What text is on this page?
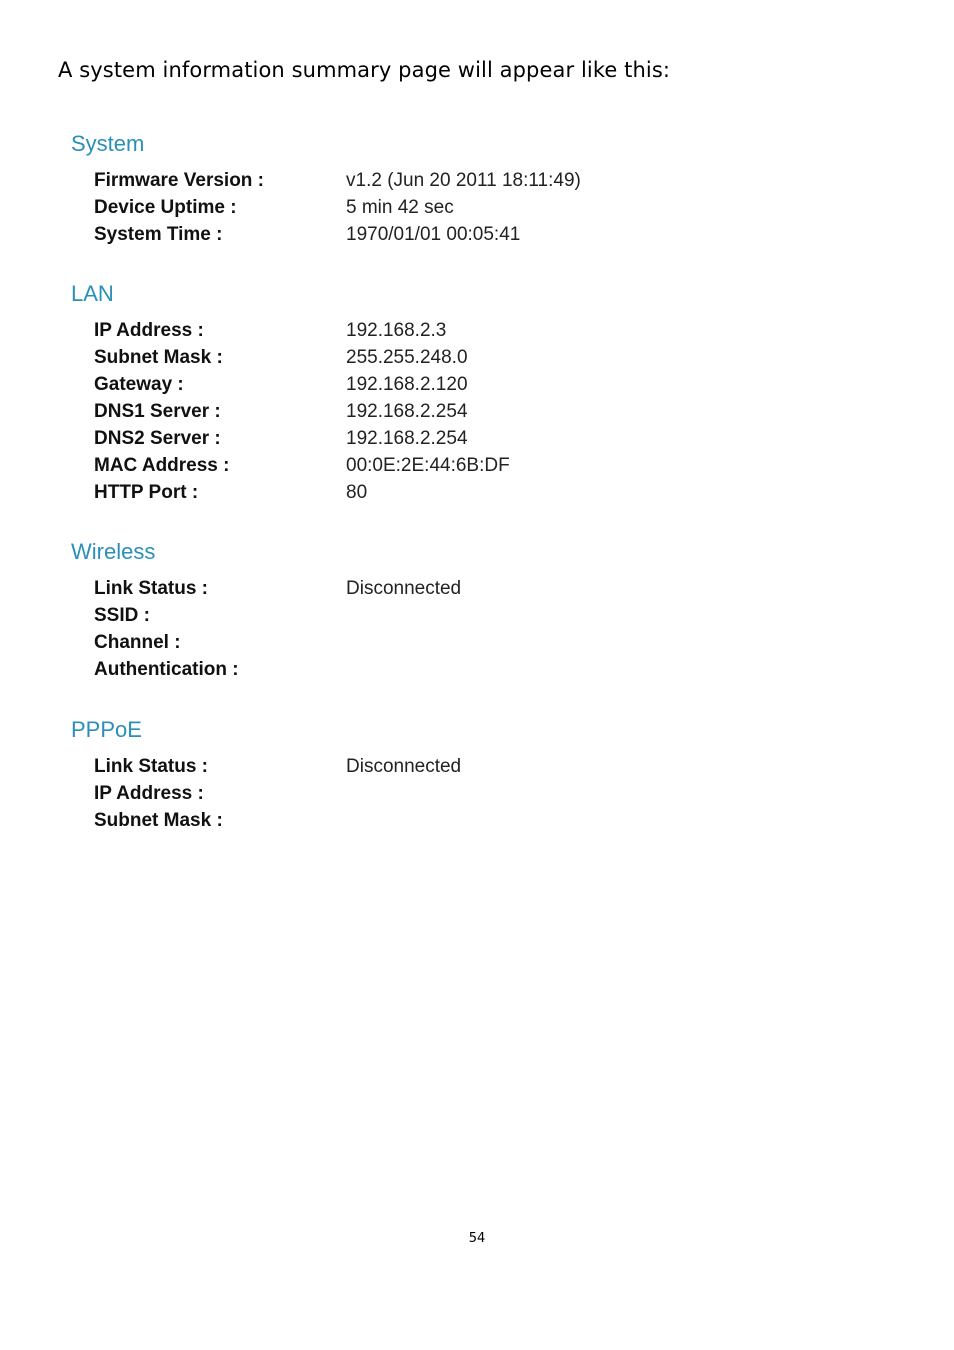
A system information summary page will appear like this:
System
Firmware Version :	v1.2 (Jun 20 2011 18:11:49)
Device Uptime :	5 min 42 sec
System Time :	1970/01/01 00:05:41
LAN
IP Address :	192.168.2.3
Subnet Mask :	255.255.248.0
Gateway :	192.168.2.120
DNS1 Server :	192.168.2.254
DNS2 Server :	192.168.2.254
MAC Address :	00:0E:2E:44:6B:DF
HTTP Port :	80
Wireless
Link Status :	Disconnected
SSID :
Channel :
Authentication :
PPPoE
Link Status :	Disconnected
IP Address :
Subnet Mask :
54
